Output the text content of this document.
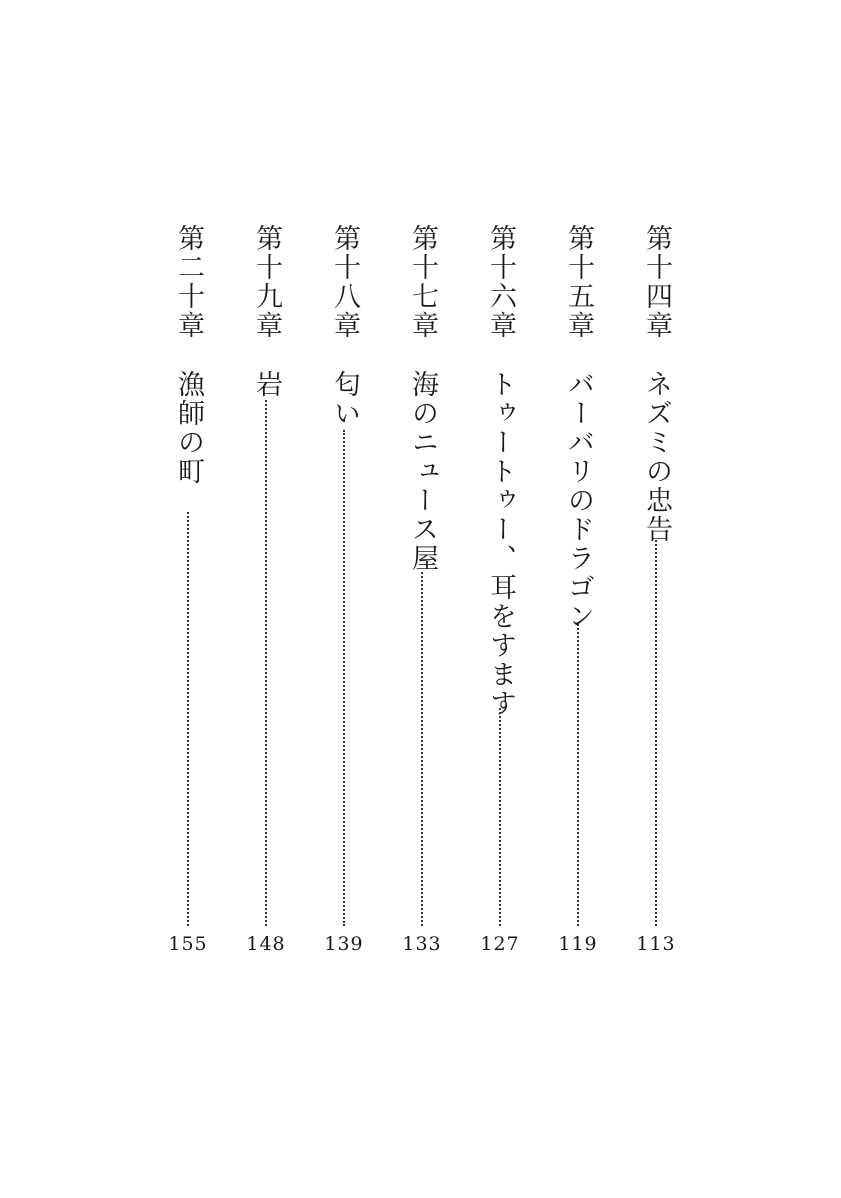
第十四章
ネズミの忠告
113
第十五章
バーバリのドラゴン
119
第十六章
トゥートゥー、耳をすます
127
第十七章
海のニュース屋
133
第十八章
匂い
139
第十九章
岩
148
第二十章
漁師の町
155
